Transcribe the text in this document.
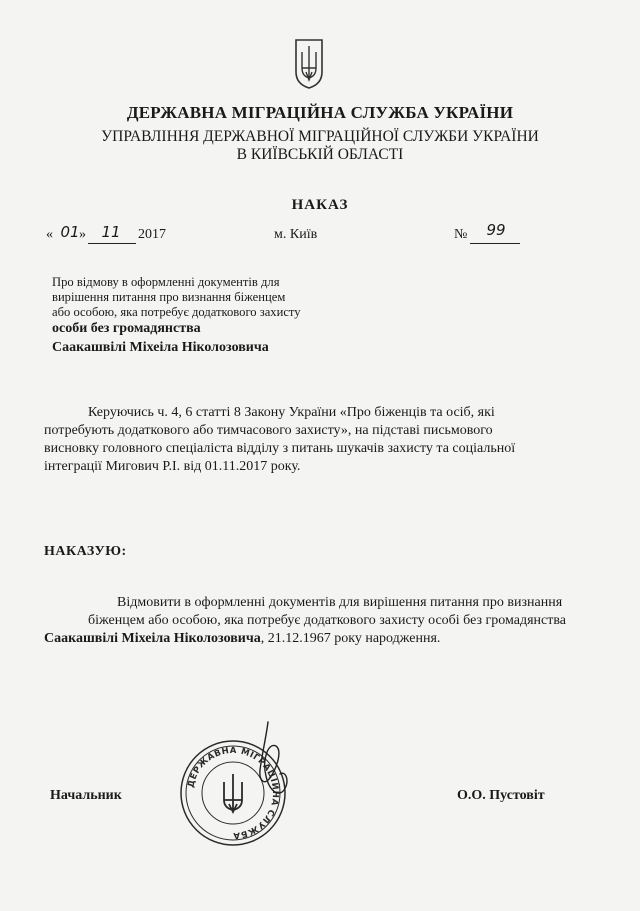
ДЕРЖАВНА МІГРАЦІЙНА СЛУЖБА УКРАЇНИ
УПРАВЛІННЯ ДЕРЖАВНОЇ МІГРАЦІЙНОЇ СЛУЖБИ УКРАЇНИ
В КИЇВСЬКІЙ ОБЛАСТІ
НАКАЗ
« 01 »	11	2017	м. Київ	№	99
Про відмову в оформленні документів для
вирішення питання про визнання біженцем
або особою, яка потребує додаткового захисту
особи без громадянства
Саакашвілі Міхеіла Ніколозовича
Керуючись ч. 4, 6 статті 8 Закону України «Про біженців та осіб, які
потребують додаткового або тимчасового захисту», на підставі письмового
висновку головного спеціаліста відділу з питань шукачів захисту та соціальної
інтеграції Мигович Р.І. від 01.11.2017 року.
НАКАЗУЮ:
Відмовити в оформленні документів для вирішення питання про визнання
біженцем або особою, яка потребує додаткового захисту особі без громадянства
Саакашвілі Міхеіла Ніколозовича, 21.12.1967 року народження.
Начальник	О.О. Пустовіт
ДЕРЖАВНА МІГРАЦІЙНА СЛУЖБА
